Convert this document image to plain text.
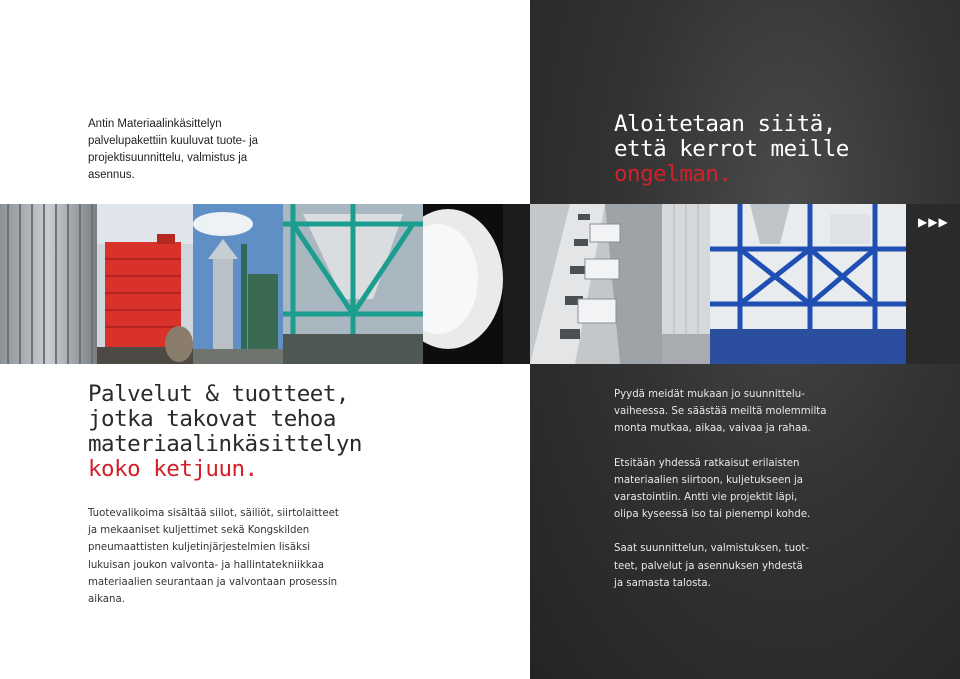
Antin Materiaalinkäsittelyn
palvelupakettiin kuuluvat tuote- ja
projektisuunnittelu, valmistus ja
asennus.
Aloitetaan siitä,
että kerrot meille
ongelman.
▶▶▶
Palvelut & tuotteet,
jotka takovat tehoa
materiaalinkäsittelyn
koko ketjuun.
Tuotevalikoima sisältää siilot, säiliöt, siirtolaitteet
ja mekaaniset kuljettimet sekä Kongskilden
pneumaattisten kuljetinjärjestelmien lisäksi
lukuisan joukon valvonta- ja hallintatekniikkaa
materiaalien seurantaan ja valvontaan prosessin
aikana.

Pyydä meidät mukaan jo suunnittelu-
vaiheessa. Se säästää meiltä molemmilta
monta mutkaa, aikaa, vaivaa ja rahaa.

Etsitään yhdessä ratkaisut erilaisten
materiaalien siirtoon, kuljetukseen ja
varastointiin. Antti vie projektit läpi,
olipa kyseessä iso tai pienempi kohde.

Saat suunnittelun, valmistuksen, tuot-
teet, palvelut ja asennuksen yhdestä
ja samasta talosta.
